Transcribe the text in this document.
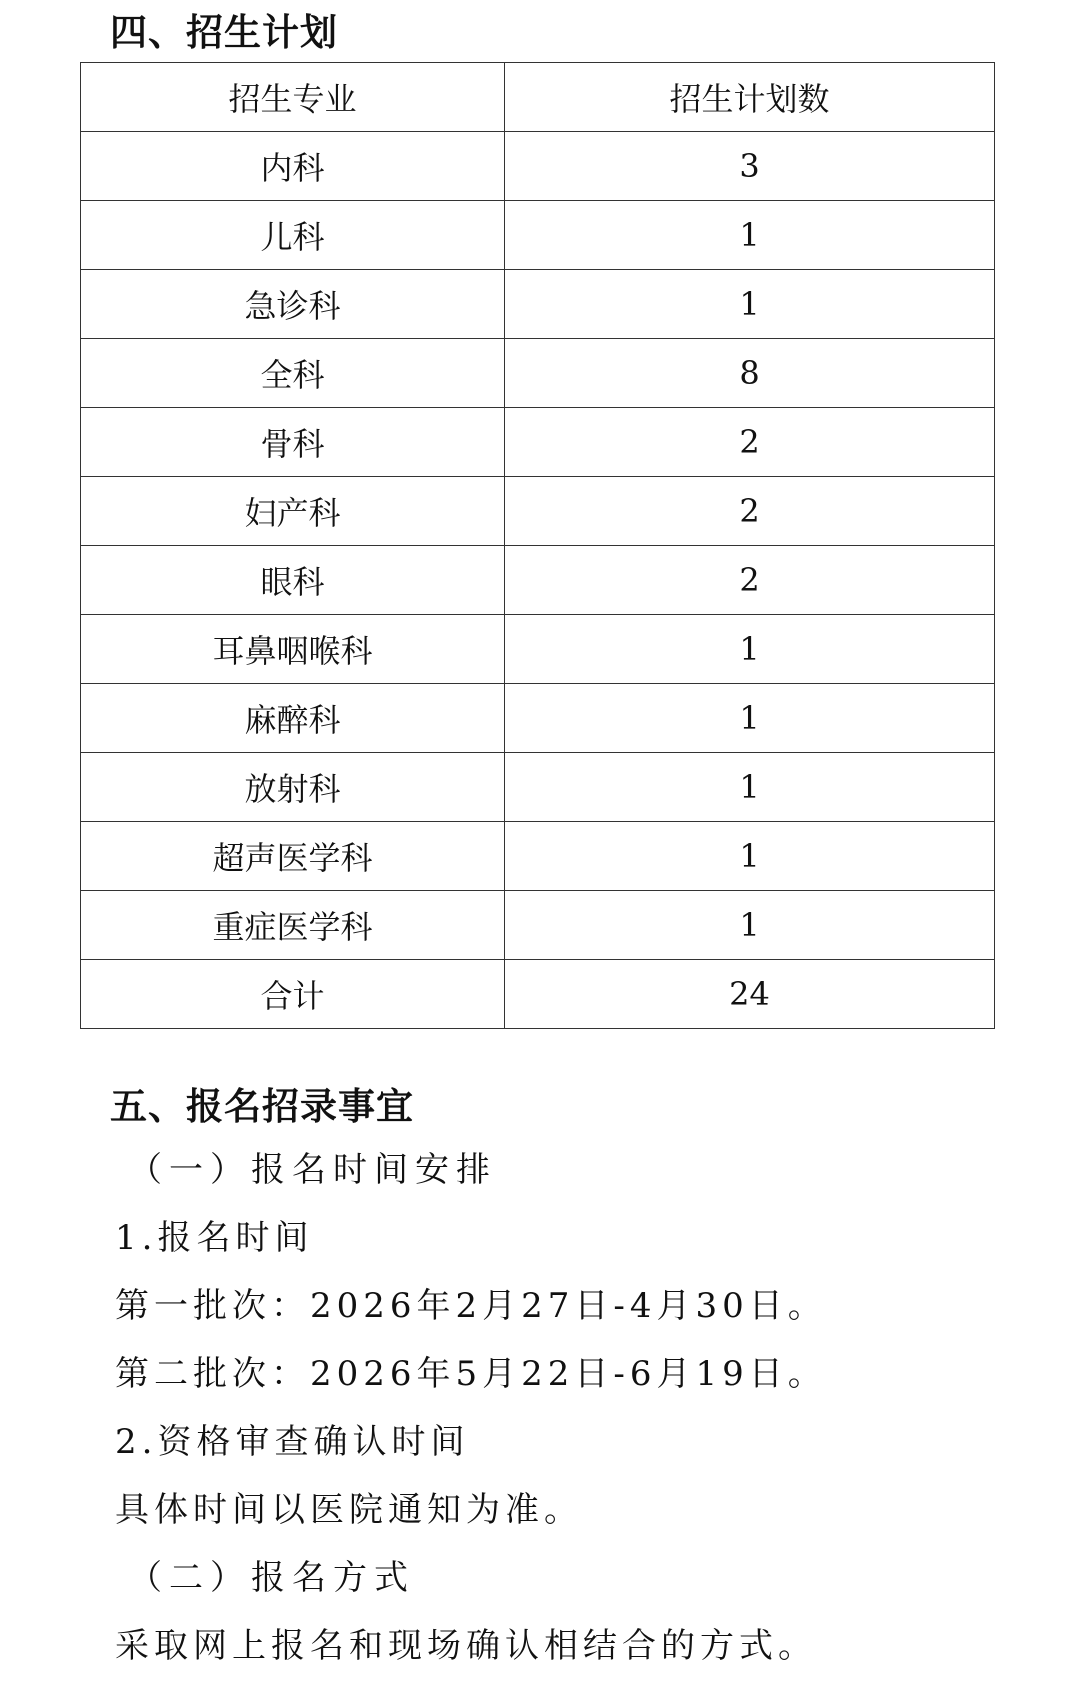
四、招生计划
招生专业	招生计划数
内科	3
儿科	1
急诊科	1
全科	8
骨科	2
妇产科	2
眼科	2
耳鼻咽喉科	1
麻醉科	1
放射科	1
超声医学科	1
重症医学科	1
合计	24
五、报名招录事宜

（一）报名时间安排

1.报名时间

第一批次：2026年2月27日-4月30日。

第二批次：2026年5月22日-6月19日。

2.资格审查确认时间

具体时间以医院通知为准。

（二）报名方式

采取网上报名和现场确认相结合的方式。
